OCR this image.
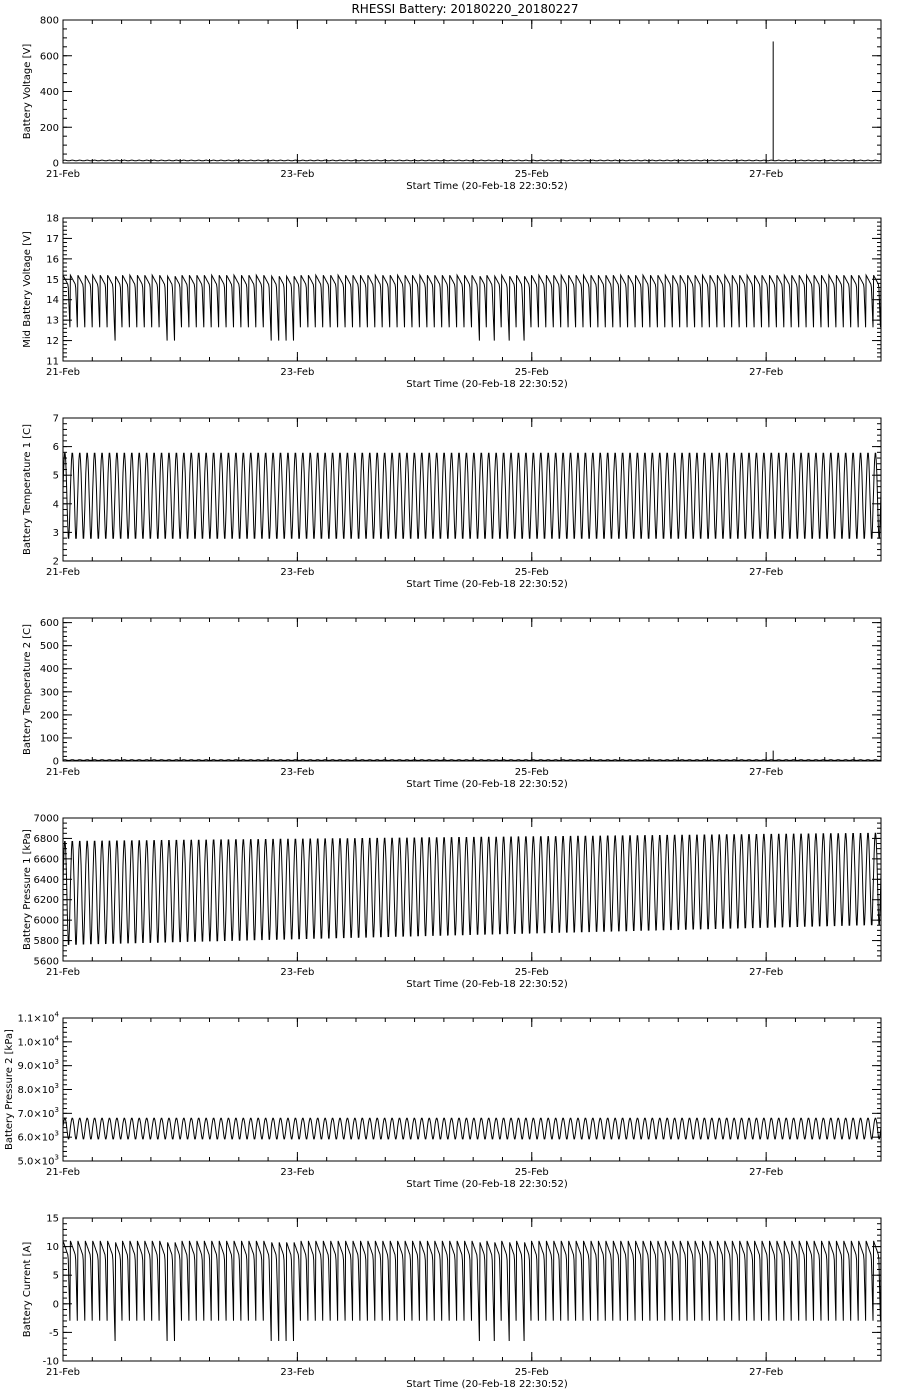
RHESSI Battery: 20180220_20180227
21-Feb	23-Feb	25-Feb	27-Feb
Start Time (20-Feb-18 22:30:52)
0
200
400
600
800
Battery Voltage [V]
21-Feb	23-Feb	25-Feb	27-Feb
Start Time (20-Feb-18 22:30:52)
11
12
13
14
15
16
17
18
Mid Battery Voltage [V]
21-Feb	23-Feb	25-Feb	27-Feb
Start Time (20-Feb-18 22:30:52)
2
3
4
5
6
7
Battery Temperature 1 [C]
21-Feb	23-Feb	25-Feb	27-Feb
Start Time (20-Feb-18 22:30:52)
0
100
200
300
400
500
600
Battery Temperature 2 [C]
21-Feb	23-Feb	25-Feb	27-Feb
Start Time (20-Feb-18 22:30:52)
5600
5800
6000
6200
6400
6600
6800
7000
Battery Pressure 1 [kPa]
21-Feb	23-Feb	25-Feb	27-Feb
Start Time (20-Feb-18 22:30:52)
$5.0\times 10^3$
$6.0\times 10^3$
$7.0\times 10^3$
$8.0\times 10^3$
$9.0\times 10^3$
$1.0\times 10^4$
$1.1\times 10^4$
Battery Pressure 2 [kPa]
21-Feb	23-Feb	25-Feb	27-Feb
Start Time (20-Feb-18 22:30:52)
-10
-5
0
5
10
15
Battery Current [A]
